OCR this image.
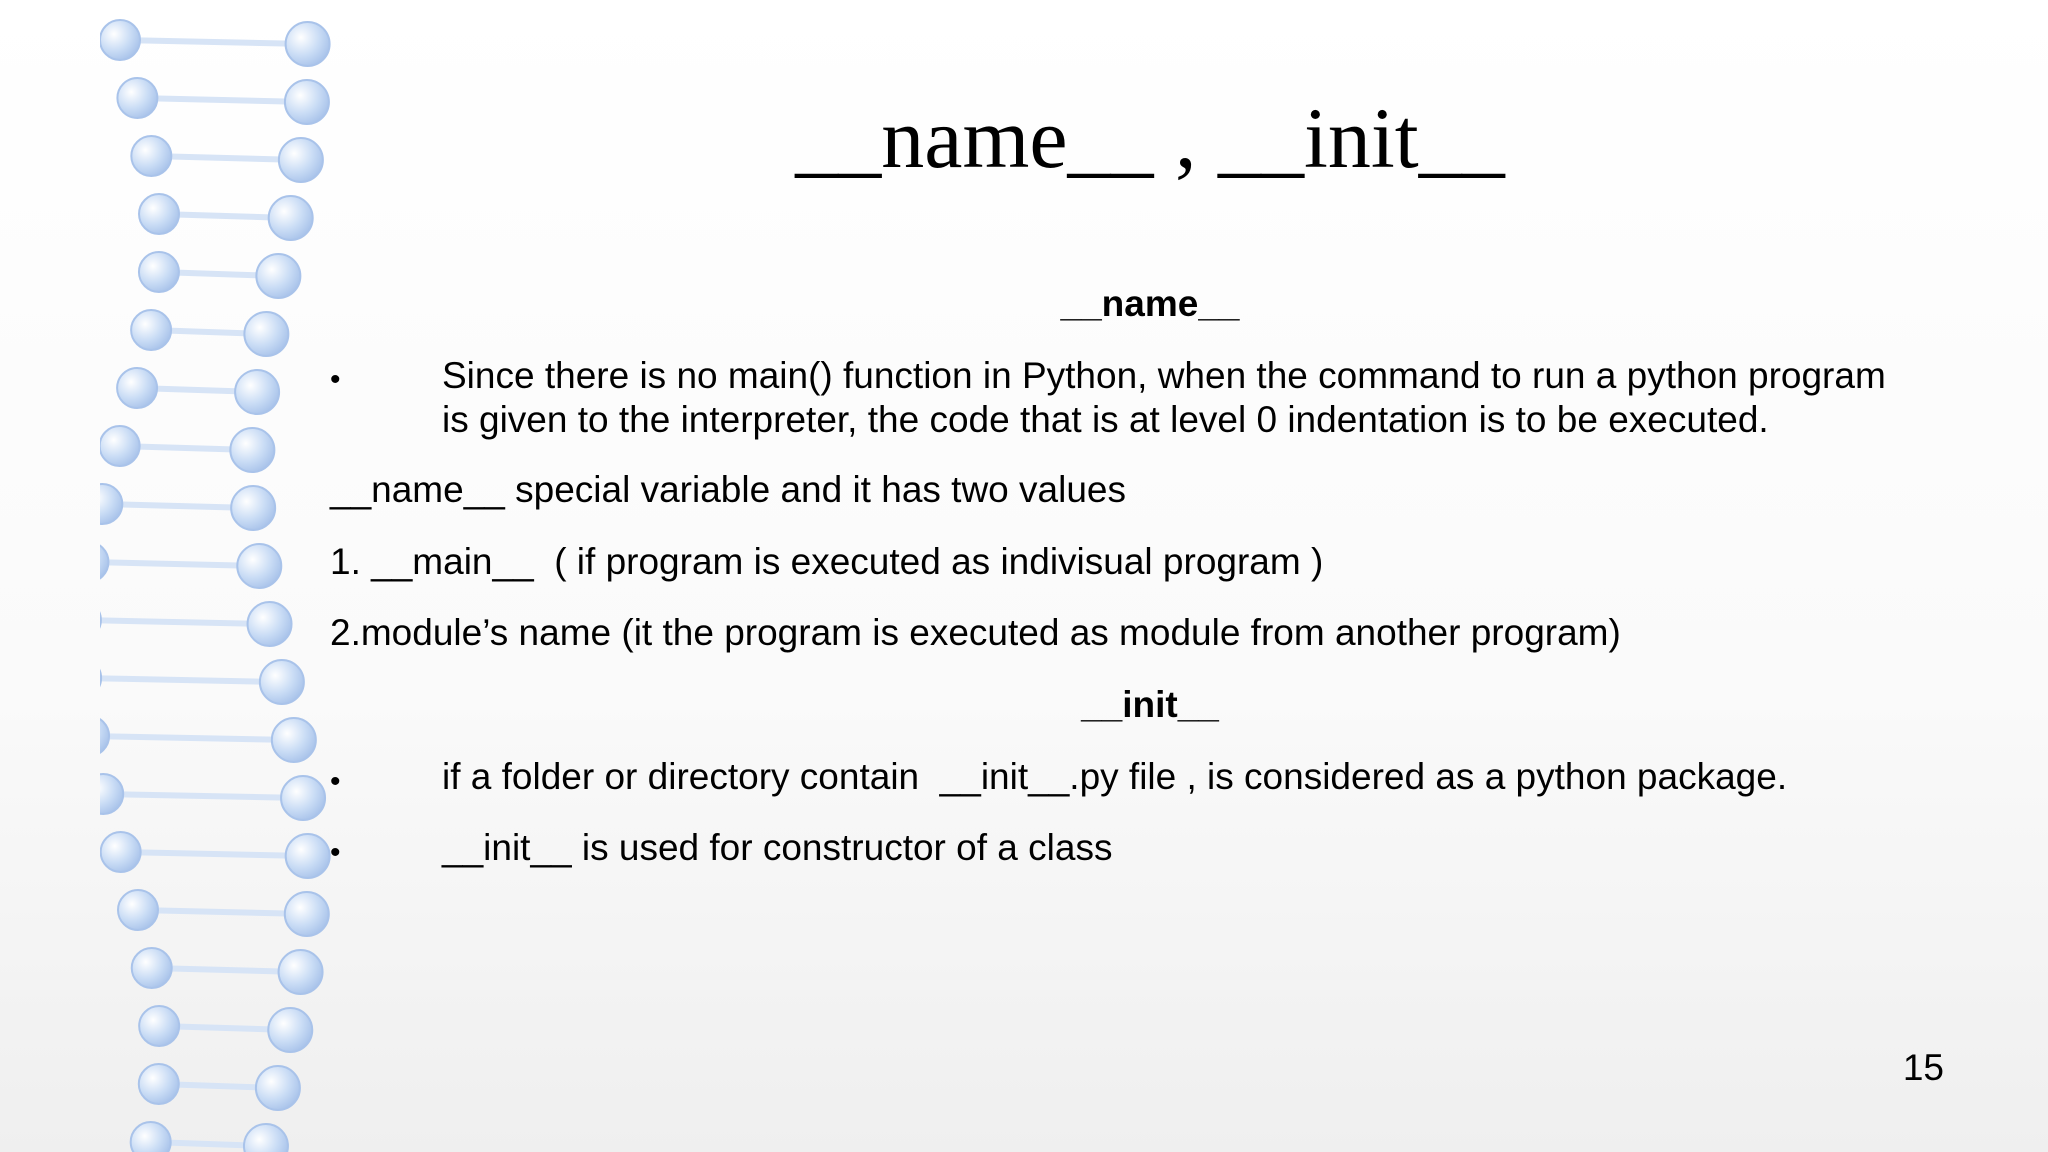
__name__ , __init__
__name__
•	Since there is no main() function in Python, when the command to run a python program
is given to the interpreter, the code that is at level 0 indentation is to be executed.
__name__ special variable and it has two values
1. __main__  ( if program is executed as indivisual program )
2.module’s name (it the program is executed as module from another program)
__init__
•	if a folder or directory contain  __init__.py file , is considered as a python package.
•	__init__ is used for constructor of a class
15
